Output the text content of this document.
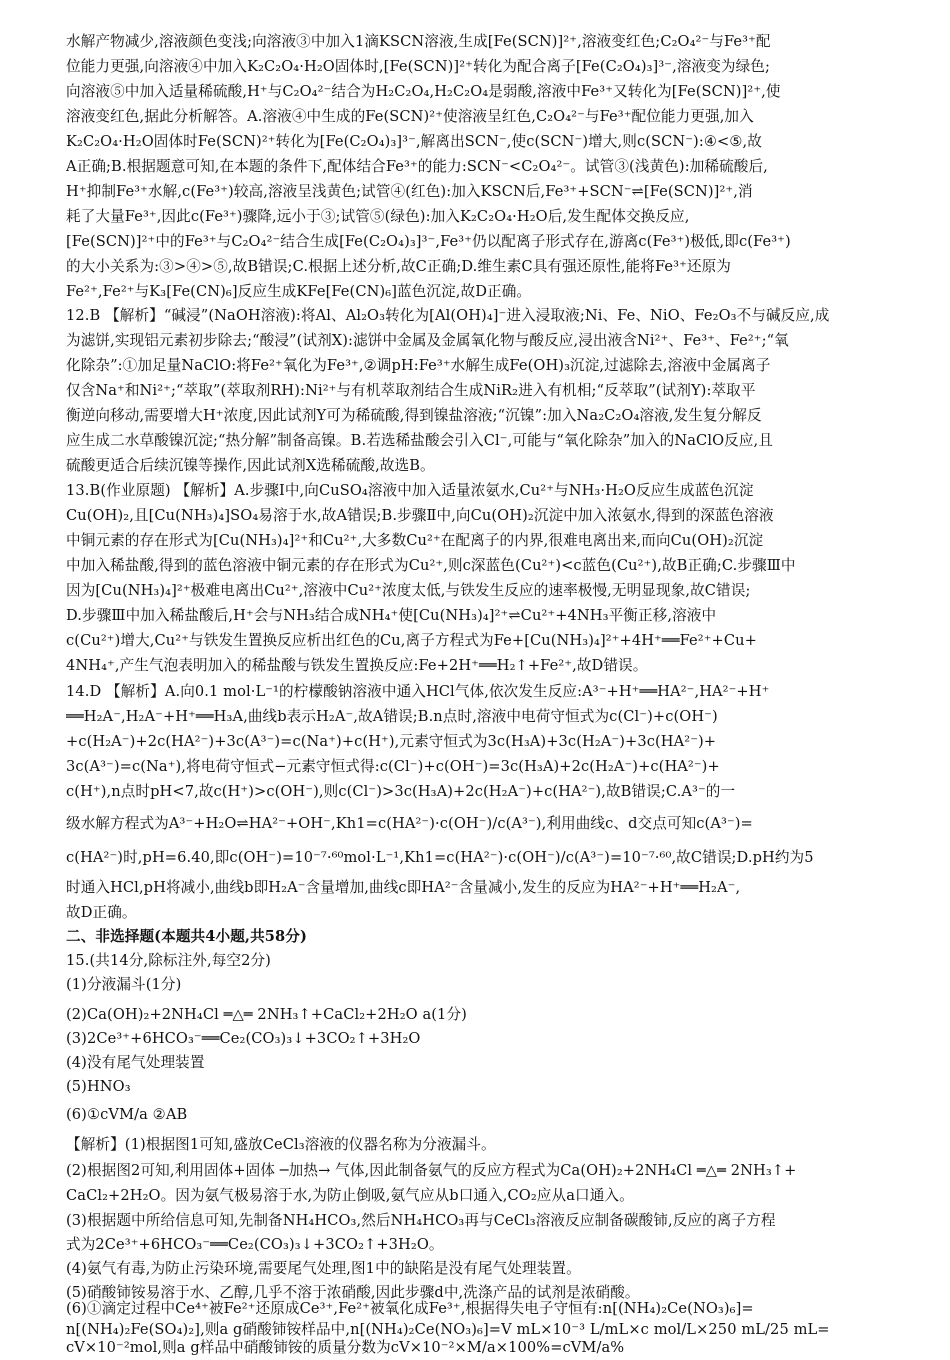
水解产物减少,溶液颜色变浅;向溶液③中加入1滴KSCN溶液,生成[Fe(SCN)]²⁺,溶液变红色;C₂O₄²⁻与Fe³⁺配
位能力更强,向溶液④中加入K₂C₂O₄·H₂O固体时,[Fe(SCN)]²⁺转化为配合离子[Fe(C₂O₄)₃]³⁻,溶液变为绿色;
向溶液⑤中加入适量稀硫酸,H⁺与C₂O₄²⁻结合为H₂C₂O₄,H₂C₂O₄是弱酸,溶液中Fe³⁺又转化为[Fe(SCN)]²⁺,使
溶液变红色,据此分析解答。A.溶液④中生成的Fe(SCN)²⁺使溶液呈红色,C₂O₄²⁻与Fe³⁺配位能力更强,加入
K₂C₂O₄·H₂O固体时Fe(SCN)²⁺转化为[Fe(C₂O₄)₃]³⁻,解离出SCN⁻,使c(SCN⁻)增大,则c(SCN⁻):④<⑤,故
A正确;B.根据题意可知,在本题的条件下,配体结合Fe³⁺的能力:SCN⁻<C₂O₄²⁻。试管③(浅黄色):加稀硫酸后,
H⁺抑制Fe³⁺水解,c(Fe³⁺)较高,溶液呈浅黄色;试管④(红色):加入KSCN后,Fe³⁺+SCN⁻⇌[Fe(SCN)]²⁺,消
耗了大量Fe³⁺,因此c(Fe³⁺)骤降,远小于③;试管⑤(绿色):加入K₂C₂O₄·H₂O后,发生配体交换反应,
[Fe(SCN)]²⁺中的Fe³⁺与C₂O₄²⁻结合生成[Fe(C₂O₄)₃]³⁻,Fe³⁺仍以配离子形式存在,游离c(Fe³⁺)极低,即c(Fe³⁺)
的大小关系为:③>④>⑤,故B错误;C.根据上述分析,故C正确;D.维生素C具有强还原性,能将Fe³⁺还原为
Fe²⁺,Fe²⁺与K₃[Fe(CN)₆]反应生成KFe[Fe(CN)₆]蓝色沉淀,故D正确。
12.B 【解析】“碱浸”(NaOH溶液):将Al、Al₂O₃转化为[Al(OH)₄]⁻进入浸取液;Ni、Fe、NiO、Fe₂O₃不与碱反应,成
为滤饼,实现铝元素初步除去;“酸浸”(试剂X):滤饼中金属及金属氧化物与酸反应,浸出液含Ni²⁺、Fe³⁺、Fe²⁺;“氧
化除杂”:①加足量NaClO:将Fe²⁺氧化为Fe³⁺,②调pH:Fe³⁺水解生成Fe(OH)₃沉淀,过滤除去,溶液中金属离子
仅含Na⁺和Ni²⁺;“萃取”(萃取剂RH):Ni²⁺与有机萃取剂结合生成NiR₂进入有机相;“反萃取”(试剂Y):萃取平
衡逆向移动,需要增大H⁺浓度,因此试剂Y可为稀硫酸,得到镍盐溶液;“沉镍”:加入Na₂C₂O₄溶液,发生复分解反
应生成二水草酸镍沉淀;“热分解”制备高镍。B.若选稀盐酸会引入Cl⁻,可能与“氧化除杂”加入的NaClO反应,且
硫酸更适合后续沉镍等操作,因此试剂X选稀硫酸,故选B。
13.B(作业原题) 【解析】A.步骤Ⅰ中,向CuSO₄溶液中加入适量浓氨水,Cu²⁺与NH₃·H₂O反应生成蓝色沉淀
Cu(OH)₂,且[Cu(NH₃)₄]SO₄易溶于水,故A错误;B.步骤Ⅱ中,向Cu(OH)₂沉淀中加入浓氨水,得到的深蓝色溶液
中铜元素的存在形式为[Cu(NH₃)₄]²⁺和Cu²⁺,大多数Cu²⁺在配离子的内界,很难电离出来,而向Cu(OH)₂沉淀
中加入稀盐酸,得到的蓝色溶液中铜元素的存在形式为Cu²⁺,则c深蓝色(Cu²⁺)<c蓝色(Cu²⁺),故B正确;C.步骤Ⅲ中
因为[Cu(NH₃)₄]²⁺极难电离出Cu²⁺,溶液中Cu²⁺浓度太低,与铁发生反应的速率极慢,无明显现象,故C错误;
D.步骤Ⅲ中加入稀盐酸后,H⁺会与NH₃结合成NH₄⁺使[Cu(NH₃)₄]²⁺⇌Cu²⁺+4NH₃平衡正移,溶液中
c(Cu²⁺)增大,Cu²⁺与铁发生置换反应析出红色的Cu,离子方程式为Fe+[Cu(NH₃)₄]²⁺+4H⁺══Fe²⁺+Cu+
4NH₄⁺,产生气泡表明加入的稀盐酸与铁发生置换反应:Fe+2H⁺══H₂↑+Fe²⁺,故D错误。
14.D 【解析】A.向0.1 mol·L⁻¹的柠檬酸钠溶液中通入HCl气体,依次发生反应:A³⁻+H⁺══HA²⁻,HA²⁻+H⁺
══H₂A⁻,H₂A⁻+H⁺══H₃A,曲线b表示H₂A⁻,故A错误;B.n点时,溶液中电荷守恒式为c(Cl⁻)+c(OH⁻)
+c(H₂A⁻)+2c(HA²⁻)+3c(A³⁻)=c(Na⁺)+c(H⁺),元素守恒式为3c(H₃A)+3c(H₂A⁻)+3c(HA²⁻)+
3c(A³⁻)=c(Na⁺),将电荷守恒式−元素守恒式得:c(Cl⁻)+c(OH⁻)=3c(H₃A)+2c(H₂A⁻)+c(HA²⁻)+
c(H⁺),n点时pH<7,故c(H⁺)>c(OH⁻),则c(Cl⁻)>3c(H₃A)+2c(H₂A⁻)+c(HA²⁻),故B错误;C.A³⁻的一
级水解方程式为A³⁻+H₂O⇌HA²⁻+OH⁻,Kh1=c(HA²⁻)·c(OH⁻)/c(A³⁻),利用曲线c、d交点可知c(A³⁻)=
c(HA²⁻)时,pH=6.40,即c(OH⁻)=10⁻⁷·⁶⁰mol·L⁻¹,Kh1=c(HA²⁻)·c(OH⁻)/c(A³⁻)=10⁻⁷·⁶⁰,故C错误;D.pH约为5
时通入HCl,pH将减小,曲线b即H₂A⁻含量增加,曲线c即HA²⁻含量减小,发生的反应为HA²⁻+H⁺══H₂A⁻,
故D正确。
二、非选择题(本题共4小题,共58分)
15.(共14分,除标注外,每空2分)
(1)分液漏斗(1分)
(2)Ca(OH)₂+2NH₄Cl ═△═ 2NH₃↑+CaCl₂+2H₂O a(1分)
(3)2Ce³⁺+6HCO₃⁻══Ce₂(CO₃)₃↓+3CO₂↑+3H₂O
(4)没有尾气处理装置
(5)HNO₃
(6)①cVM/a ②AB
【解析】(1)根据图1可知,盛放CeCl₃溶液的仪器名称为分液漏斗。
(2)根据图2可知,利用固体+固体 ─加热→ 气体,因此制备氨气的反应方程式为Ca(OH)₂+2NH₄Cl ═△═ 2NH₃↑+
CaCl₂+2H₂O。因为氨气极易溶于水,为防止倒吸,氨气应从b口通入,CO₂应从a口通入。
(3)根据题中所给信息可知,先制备NH₄HCO₃,然后NH₄HCO₃再与CeCl₃溶液反应制备碳酸铈,反应的离子方程
式为2Ce³⁺+6HCO₃⁻══Ce₂(CO₃)₃↓+3CO₂↑+3H₂O。
(4)氨气有毒,为防止污染环境,需要尾气处理,图1中的缺陷是没有尾气处理装置。
(5)硝酸铈铵易溶于水、乙醇,几乎不溶于浓硝酸,因此步骤d中,洗涤产品的试剂是浓硝酸。
(6)①滴定过程中Ce⁴⁺被Fe²⁺还原成Ce³⁺,Fe²⁺被氧化成Fe³⁺,根据得失电子守恒有:n[(NH₄)₂Ce(NO₃)₆]=
n[(NH₄)₂Fe(SO₄)₂],则a g硝酸铈铵样品中,n[(NH₄)₂Ce(NO₃)₆]=V mL×10⁻³ L/mL×c mol/L×250 mL/25 mL=
cV×10⁻²mol,则a g样品中硝酸铈铵的质量分数为cV×10⁻²×M/a×100%=cVM/a%
